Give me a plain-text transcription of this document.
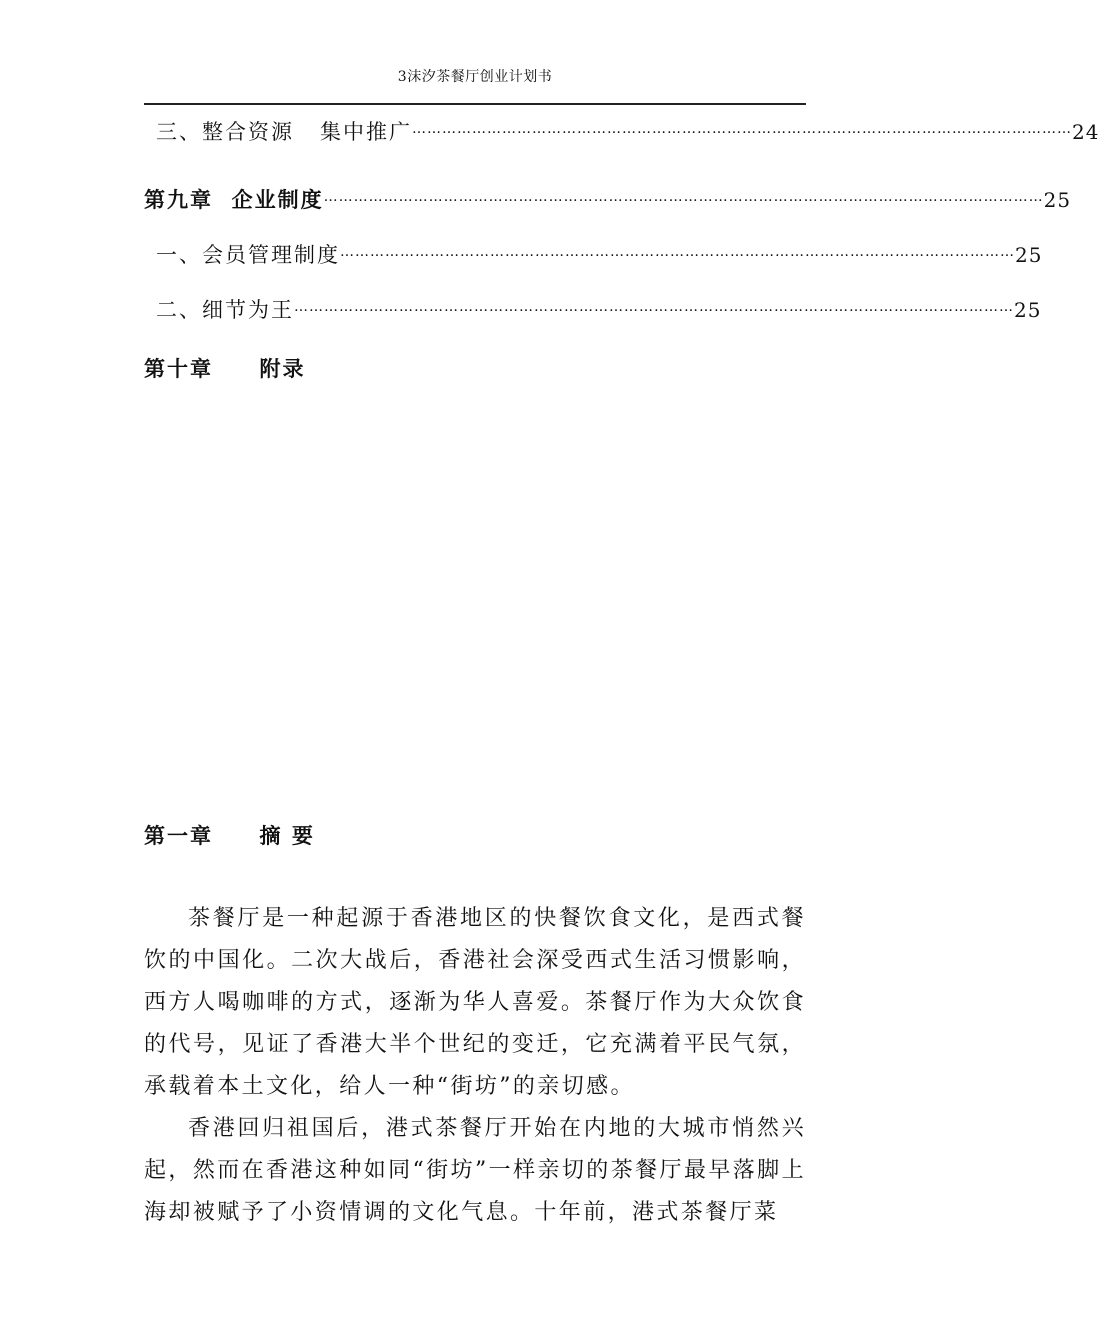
3沫汐茶餐厅创业计划书
三、整合资源   集中推广 …………………………………………………………………………………………………………………… 24
第九章  企业制度 ……………………………………………………………………………………………………………………………… 25
一、会员管理制度 ……………………………………………………………………………………………………………………… 25
二、细节为王 ……………………………………………………………………………………………………………………………… 25
第十章     附录
第一章     摘 要

茶餐厅是一种起源于香港地区的快餐饮食文化，是西式餐饮的中国化。二次大战后，香港社会深受西式生活习惯影响，西方人喝咖啡的方式，逐渐为华人喜爱。茶餐厅作为大众饮食的代号，见证了香港大半个世纪的变迁，它充满着平民气氛，承载着本土文化，给人一种“街坊”的亲切感。

香港回归祖国后，港式茶餐厅开始在内地的大城市悄然兴起，然而在香港这种如同“街坊”一样亲切的茶餐厅最早落脚上海却被赋予了小资情调的文化气息。十年前，港式茶餐厅菜
